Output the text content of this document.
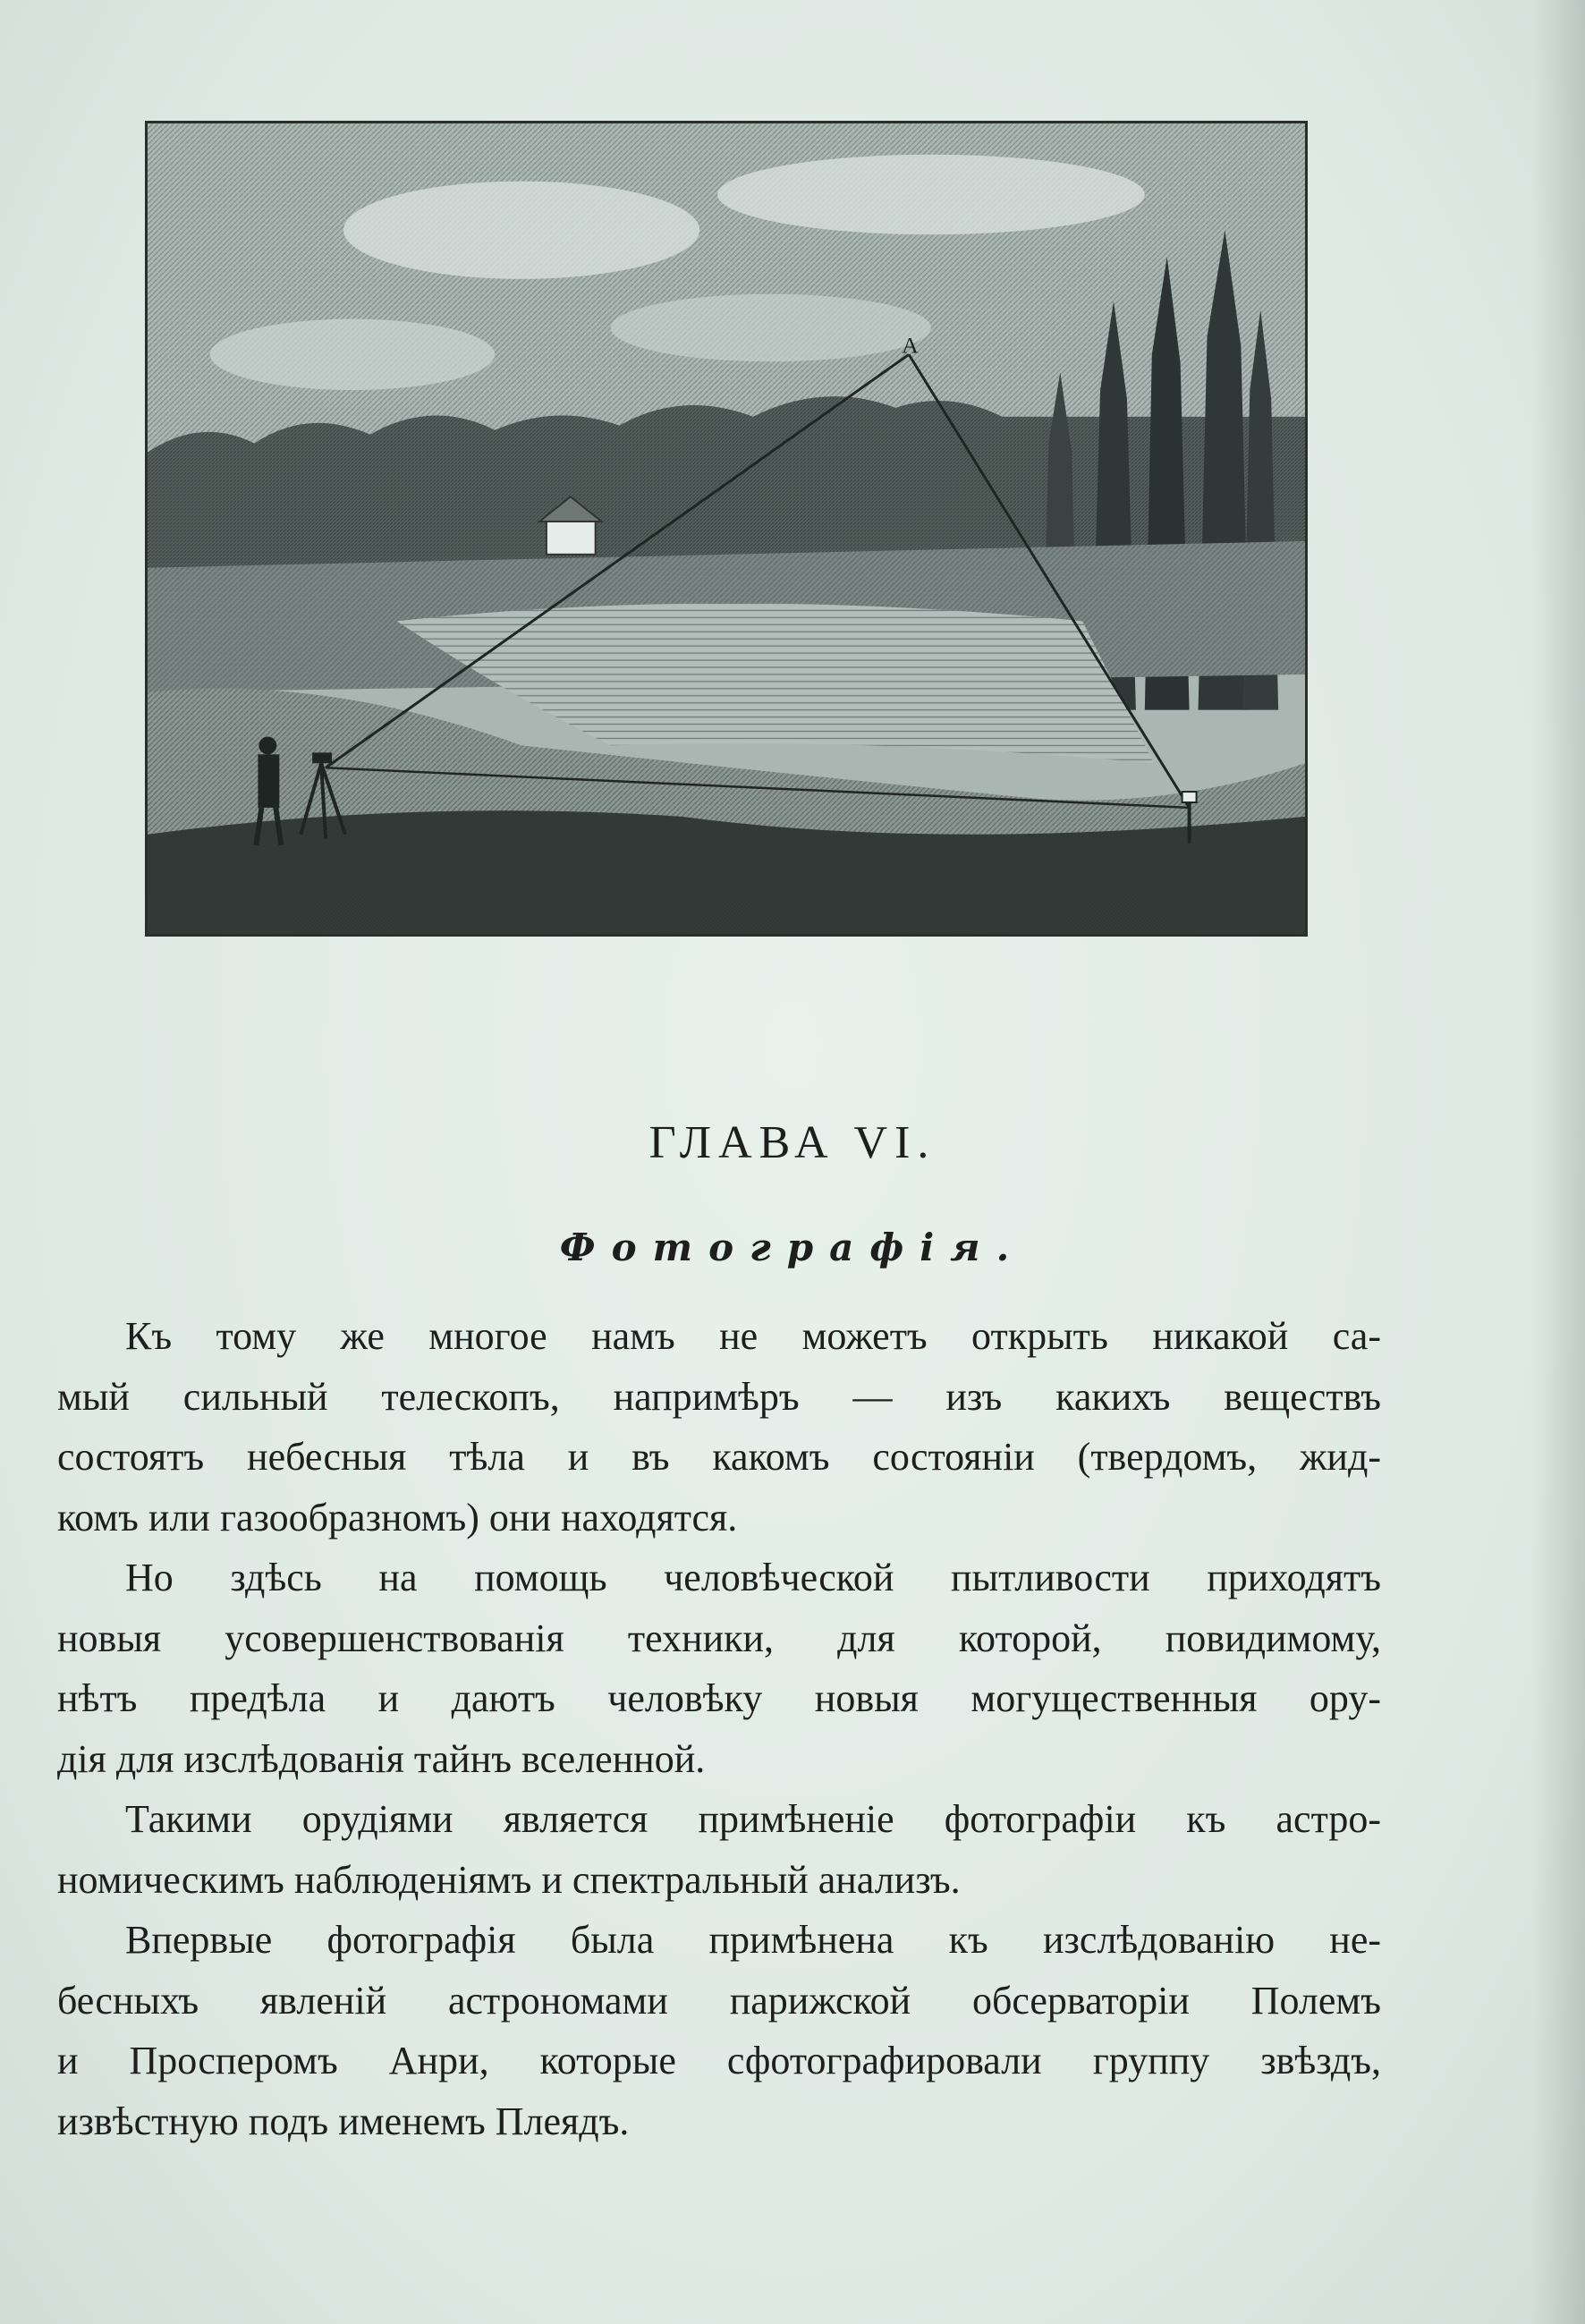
A
ГЛАВА VI.
Фотографія.

Къ тому же многое намъ не можетъ открыть никакой са-
мый сильный телескопъ, напримѣръ — изъ какихъ веществъ
состоятъ небесныя тѣла и въ какомъ состояніи (твердомъ, жид-
комъ или газообразномъ) они находятся.

Но здѣсь на помощь человѣческой пытливости приходятъ
новыя усовершенствованія техники, для которой, повидимому,
нѣтъ предѣла и даютъ человѣку новыя могущественныя ору-
дія для изслѣдованія тайнъ вселенной.

Такими орудіями является примѣненіе фотографіи къ астро-
номическимъ наблюденіямъ и спектральный анализъ.

Впервые фотографія была примѣнена къ изслѣдованію не-
бесныхъ явленій астрономами парижской обсерваторіи Полемъ
и Просперомъ Анри, которые сфотографировали группу звѣздъ,
извѣстную подъ именемъ Плеядъ.
